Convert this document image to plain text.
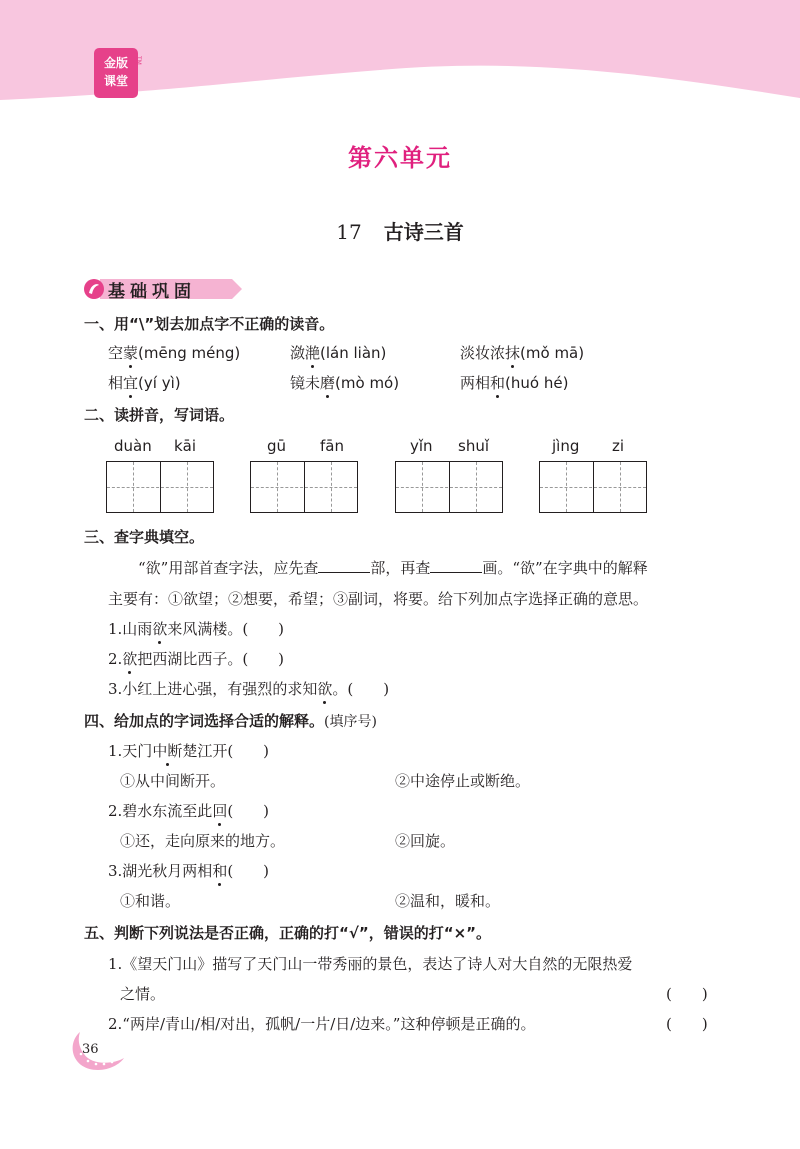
金版
课堂
TM
第六单元
17 古诗三首
基础巩固
一、用“\”划去加点字不正确的读音。
空蒙(mēng méng)	潋滟(lán liàn)	淡妆浓抹(mǒ mā)
相宜(yí yì)	镜未磨(mò mó)	两相和(huó hé)
二、读拼音，写词语。
duàn kāi	gū fān	yǐn shuǐ	jìng zi
三、查字典填空。
“欲”用部首查字法，应先查	部，再查	画。“欲”在字典中的解释
主要有：①欲望；②想要，希望；③副词，将要。给下列加点字选择正确的意思。
1.山雨欲来风满楼。(　　)
2.欲把西湖比西子。(　　)
3.小红上进心强，有强烈的求知欲。(　　)
四、给加点的字词选择合适的解释。(填序号)
1.天门中断楚江开(　　)
①从中间断开。	②中途停止或断绝。
2.碧水东流至此回(　　)
①还，走向原来的地方。	②回旋。
3.湖光秋月两相和(　　)
①和谐。	②温和，暖和。
五、判断下列说法是否正确，正确的打“√”，错误的打“×”。
1.《望天门山》描写了天门山一带秀丽的景色，表达了诗人对大自然的无限热爱
之情。	(　　)
2.“两岸/青山/相/对出，孤帆/一片/日/边来。”这种停顿是正确的。	(　　)
36
